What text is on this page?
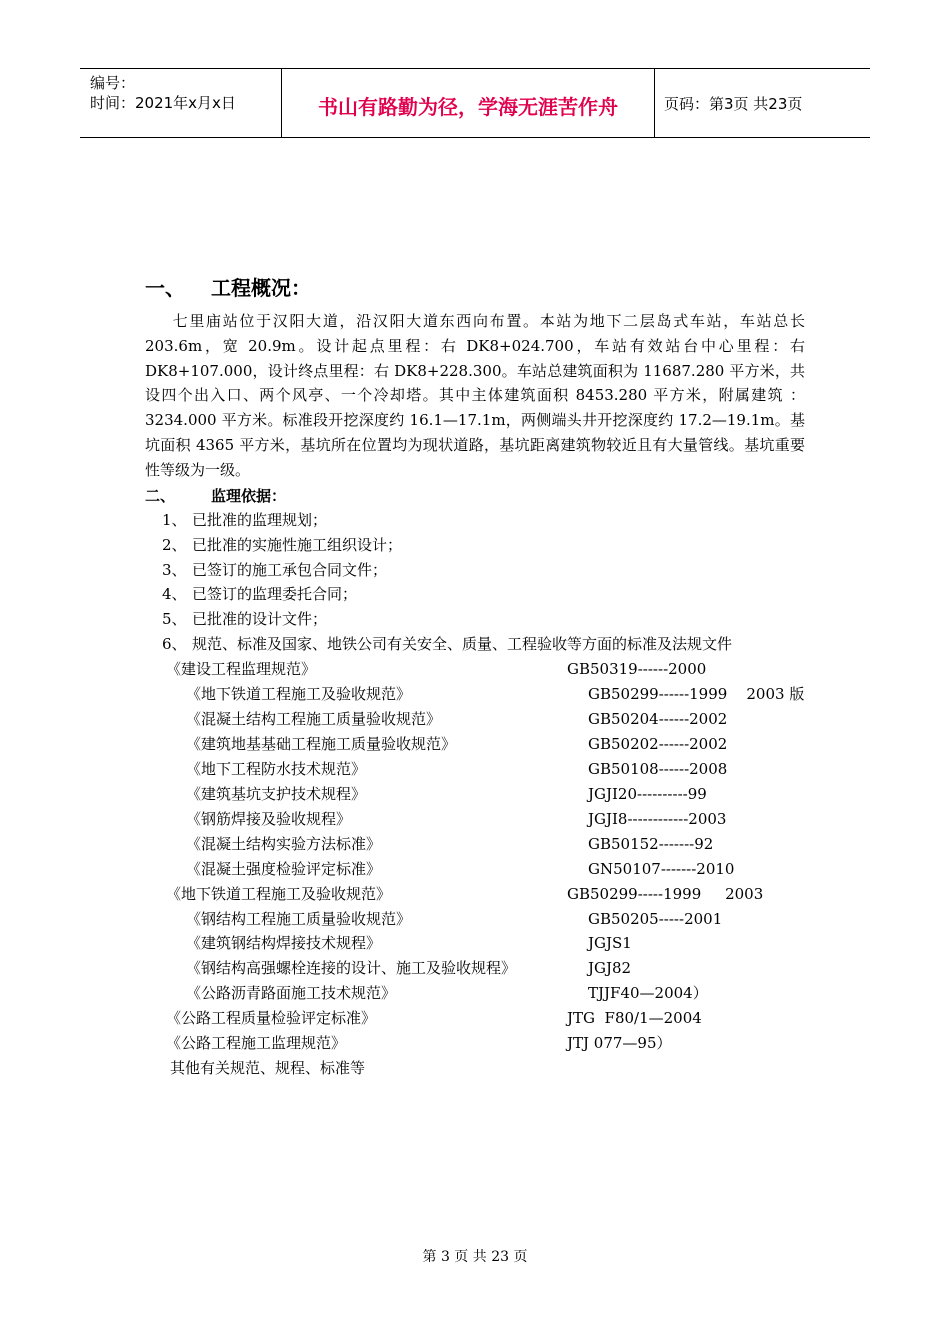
编号：
时间：2021年x月x日	书山有路勤为径，学海无涯苦作舟	页码：第3页 共23页
一、 工程概况：
七里庙站位于汉阳大道，沿汉阳大道东西向布置。本站为地下二层岛式车站，车站总长203.6m，宽 20.9m。设计起点里程：右 DK8+024.700，车站有效站台中心里程：右DK8+107.000，设计终点里程：右 DK8+228.300。车站总建筑面积为 11687.280 平方米，共设四个出入口、两个风亭、一个冷却塔。其中主体建筑面积 8453.280 平方米，附属建筑 ：3234.000 平方米。标准段开挖深度约 16.1—17.1m，两侧端头井开挖深度约 17.2—19.1m。基坑面积 4365 平方米，基坑所在位置均为现状道路，基坑距离建筑物较近且有大量管线。基坑重要性等级为一级。
二、 监理依据：
1、 已批准的监理规划；
2、 已批准的实施性施工组织设计；
3、 已签订的施工承包合同文件；
4、 已签订的监理委托合同；
5、 已批准的设计文件；
6、 规范、标准及国家、地铁公司有关安全、质量、工程验收等方面的标准及法规文件
《建设工程监理规范》	GB50319------2000
《地下铁道工程施工及验收规范》	GB50299------1999    2003 版
《混凝土结构工程施工质量验收规范》	GB50204------2002
《建筑地基基础工程施工质量验收规范》	GB50202------2002
《地下工程防水技术规范》	GB50108------2008
《建筑基坑支护技术规程》	JGJI20----------99
《钢筋焊接及验收规程》	JGJI8------------2003
《混凝土结构实验方法标准》	GB50152-------92
《混凝土强度检验评定标准》	GN50107-------2010
《地下铁道工程施工及验收规范》	GB50299-----1999     2003
《钢结构工程施工质量验收规范》	GB50205-----2001
《建筑钢结构焊接技术规程》	JGJS1
《钢结构高强螺栓连接的设计、施工及验收规程》	JGJ82
《公路沥青路面施工技术规范》	TJJF40—2004）
《公路工程质量检验评定标准》	JTG  F80/1—2004
《公路工程施工监理规范》	JTJ 077—95）
其他有关规范、规程、标准等
第 3 页 共 23 页
